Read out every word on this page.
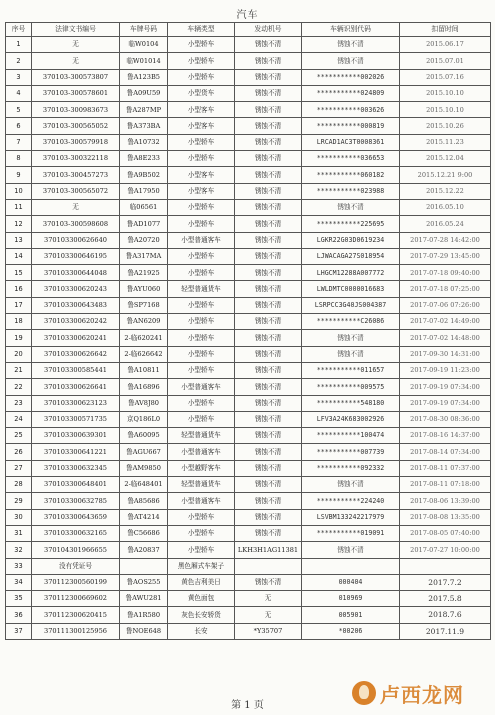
汽车
序号	法律文书编号	车牌号码	车辆类型	发动机号	车辆识别代码	扣留时间
1	无	临W0104	小型轿车	锈蚀不清	锈蚀不清	2015.06.17
2	无	临W01014	小型轿车	锈蚀不清	锈蚀不清	2015.07.01
3	370103-300573807	鲁A123B5	小型轿车	锈蚀不清	***********002026	2015.07.16
4	370103-300578601	鲁A09U59	小型货车	锈蚀不清	***********024809	2015.10.10
5	370103-300983673	鲁A287MP	小型客车	锈蚀不清	***********003626	2015.10.10
6	370103-300565052	鲁A373BA	小型客车	锈蚀不清	***********000819	2015.10.26
7	370103-300579918	鲁A10732	小型轿车	锈蚀不清	LRCAD1AC3T0008361	2015.11.23
8	370103-300322118	鲁A8E233	小型轿车	锈蚀不清	***********036653	2015.12.04
9	370103-300457273	鲁A9B502	小型客车	锈蚀不清	***********060182	2015.12.21 9:00
10	370103-300565072	鲁A17950	小型客车	锈蚀不清	***********023988	2015.12.22
11	无	临06561	小型轿车	锈蚀不清	锈蚀不清	2016.05.10
12	370103-300598608	鲁AD1077	小型轿车	锈蚀不清	***********225695	2016.05.24
13	370103300626640	鲁A20720	小型普通客车	锈蚀不清	LGKR22G03D0619234	2017-07-28 14:42:00
14	370103300646195	鲁A317MA	小型轿车	锈蚀不清	LJWACAGA27S018954	2017-07-29 13:45:00
15	370103300644048	鲁A21925	小型轿车	锈蚀不清	LHGCM12288A007772	2017-07-18 09:40:00
16	370103300620243	鲁AYU060	轻型普通货车	锈蚀不清	LWLDMTC0000016683	2017-07-18 07:25:00
17	370103300643483	鲁SP7168	小型轿车	锈蚀不清	LSRPCC3G40JS004387	2017-07-06 07:26:00
18	370103300620242	鲁AN6209	小型轿车	锈蚀不清	***********C26086	2017-07-02 14:49:00
19	370103300620241	2-临620241	小型轿车	锈蚀不清	锈蚀不清	2017-07-02 14:48:00
20	370103300626642	2-临626642	小型轿车	锈蚀不清	锈蚀不清	2017-09-30 14:31:00
21	370103300585441	鲁A10811	小型轿车	锈蚀不清	***********011657	2017-09-19 11:23:00
22	370103300626641	鲁A16896	小型普通客车	锈蚀不清	***********009575	2017-09-19 07:34:00
23	370103300623123	鲁AV8J80	小型轿车	锈蚀不清	***********548180	2017-09-19 07:34:00
24	370103300571735	京Q186L0	小型轿车	锈蚀不清	LFV3A24K683002926	2017-08-30 08:36:00
25	370103300639301	鲁A60095	轻型普通货车	锈蚀不清	***********100474	2017-08-16 14:37:00
26	370103300641221	鲁AGU667	小型普通客车	锈蚀不清	***********007739	2017-08-14 07:34:00
27	370103300632345	鲁AM9850	小型越野客车	锈蚀不清	***********092332	2017-08-11 07:37:00
28	370103300648401	2-临648401	轻型普通货车	锈蚀不清	锈蚀不清	2017-08-11 07:18:00
29	370103300632785	鲁A85686	小型普通客车	锈蚀不清	***********224240	2017-08-06 13:39:00
30	370103300643659	鲁AT4214	小型轿车	锈蚀不清	LSVBM133242217979	2017-08-08 13:35:00
31	370103300632165	鲁C56686	小型轿车	锈蚀不清	***********019091	2017-08-05 07:40:00
32	370104301966655	鲁A20837	小型轿车	LKH3H1AG11381	锈蚀不清	2017-07-27 10:00:00
33	没有凭证号		黑色厢式车架子			
34	370112300560199	鲁AOS255	黄色吉利美日	锈蚀不清	000404	2017.7.2
35	370112300669602	鲁AWU281	黄色面包	无	010969	2017.5.8
36	370112300620415	鲁A1R580	灰色长安轿货	无	005901	2018.7.6
37	370111300125956	鲁NOE648	长安	*Y35707	*00206	2017.11.9
卢西龙网
第 1 页
